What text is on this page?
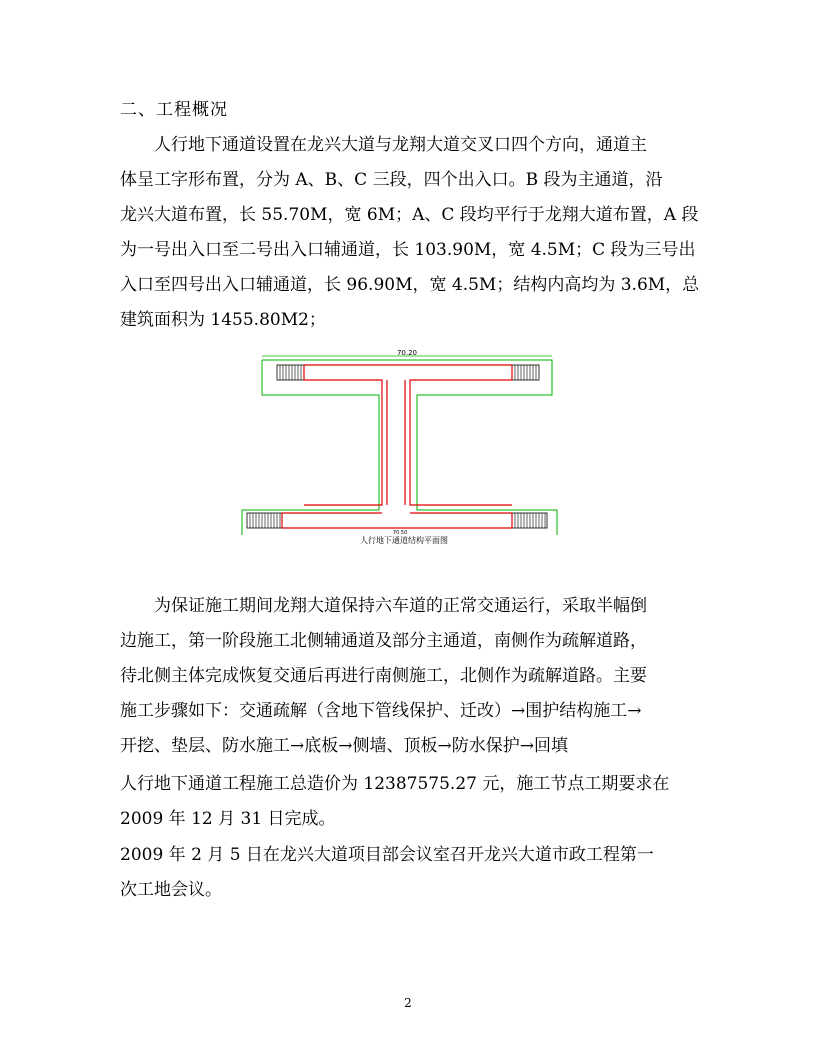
二、工程概况
人行地下通道设置在龙兴大道与龙翔大道交叉口四个方向，通道主
体呈工字形布置，分为 A、B、C 三段，四个出入口。B 段为主通道，沿
龙兴大道布置，长 55.70M，宽 6M；A、C 段均平行于龙翔大道布置，A 段
为一号出入口至二号出入口辅通道，长 103.90M，宽 4.5M；C 段为三号出
入口至四号出入口辅通道，长 96.90M，宽 4.5M；结构内高均为 3.6M，总
建筑面积为 1455.80M2；
70.20
70.50
人行地下通道结构平面图
为保证施工期间龙翔大道保持六车道的正常交通运行，采取半幅倒
边施工，第一阶段施工北侧辅通道及部分主通道，南侧作为疏解道路，
待北侧主体完成恢复交通后再进行南侧施工，北侧作为疏解道路。主要
施工步骤如下：交通疏解（含地下管线保护、迁改）→围护结构施工→
开挖、垫层、防水施工→底板→侧墙、顶板→防水保护→回填
人行地下通道工程施工总造价为 12387575.27 元，施工节点工期要求在
2009 年 12 月 31 日完成。
2009 年 2 月 5 日在龙兴大道项目部会议室召开龙兴大道市政工程第一
次工地会议。
2
